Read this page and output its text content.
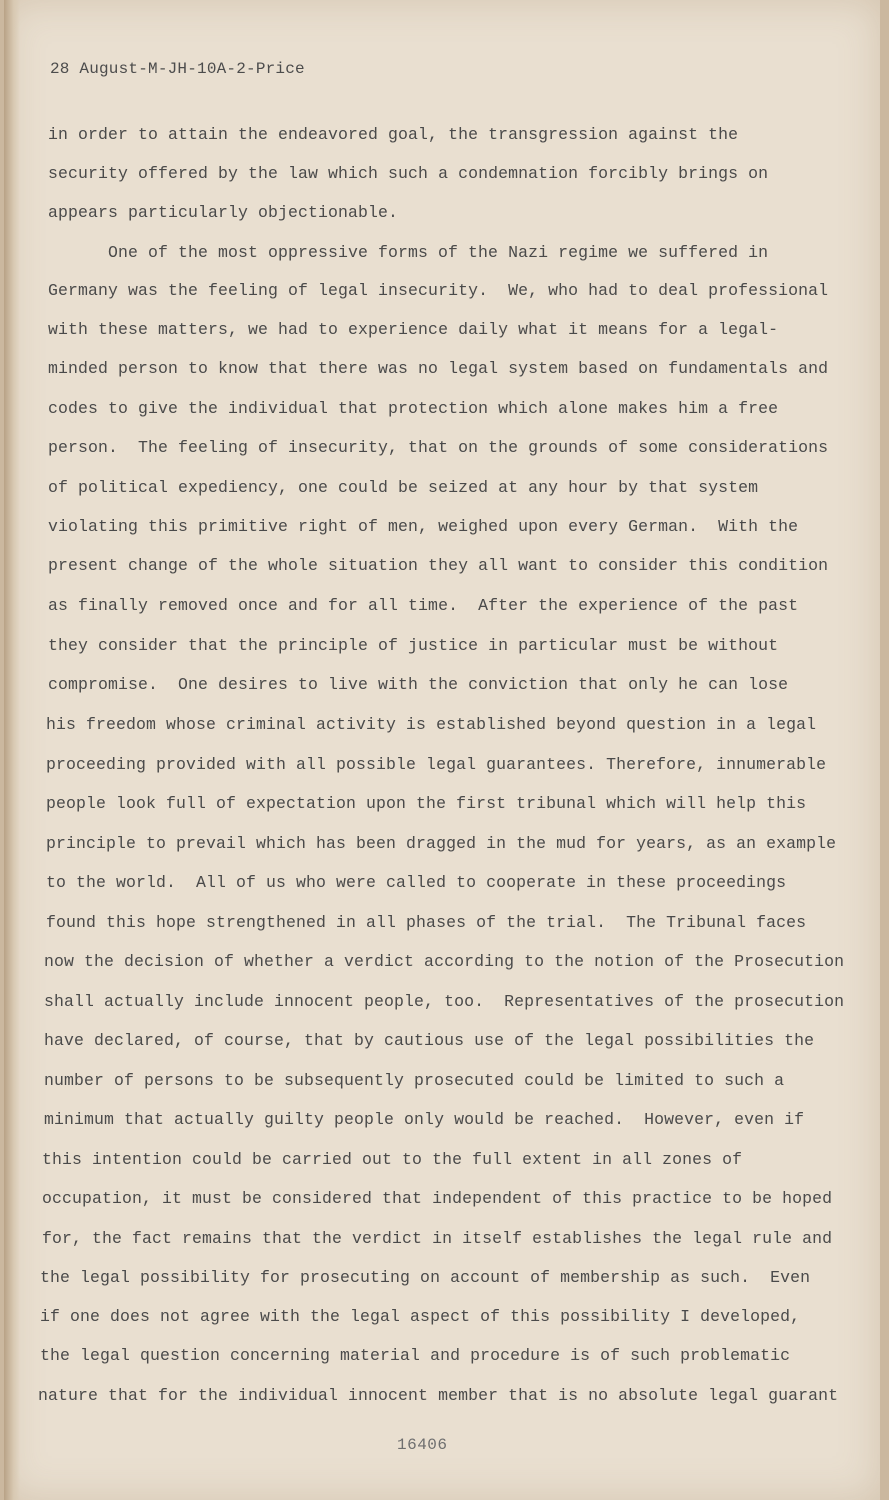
28 August-M-JH-10A-2-Price
in order to attain the endeavored goal, the transgression against the
security offered by the law which such a condemnation forcibly brings on
appears particularly objectionable.
One of the most oppressive forms of the Nazi regime we suffered in
Germany was the feeling of legal insecurity.  We, who had to deal professional
with these matters, we had to experience daily what it means for a legal-
minded person to know that there was no legal system based on fundamentals and
codes to give the individual that protection which alone makes him a free
person.  The feeling of insecurity, that on the grounds of some considerations
of political expediency, one could be seized at any hour by that system
violating this primitive right of men, weighed upon every German.  With the
present change of the whole situation they all want to consider this condition
as finally removed once and for all time.  After the experience of the past
they consider that the principle of justice in particular must be without
compromise.  One desires to live with the conviction that only he can lose
his freedom whose criminal activity is established beyond question in a legal
proceeding provided with all possible legal guarantees. Therefore, innumerable
people look full of expectation upon the first tribunal which will help this
principle to prevail which has been dragged in the mud for years, as an example
to the world.  All of us who were called to cooperate in these proceedings
found this hope strengthened in all phases of the trial.  The Tribunal faces
now the decision of whether a verdict according to the notion of the Prosecution
shall actually include innocent people, too.  Representatives of the prosecution
have declared, of course, that by cautious use of the legal possibilities the
number of persons to be subsequently prosecuted could be limited to such a
minimum that actually guilty people only would be reached.  However, even if
this intention could be carried out to the full extent in all zones of
occupation, it must be considered that independent of this practice to be hoped
for, the fact remains that the verdict in itself establishes the legal rule and
the legal possibility for prosecuting on account of membership as such.  Even
if one does not agree with the legal aspect of this possibility I developed,
the legal question concerning material and procedure is of such problematic
nature that for the individual innocent member that is no absolute legal guarant
16406
